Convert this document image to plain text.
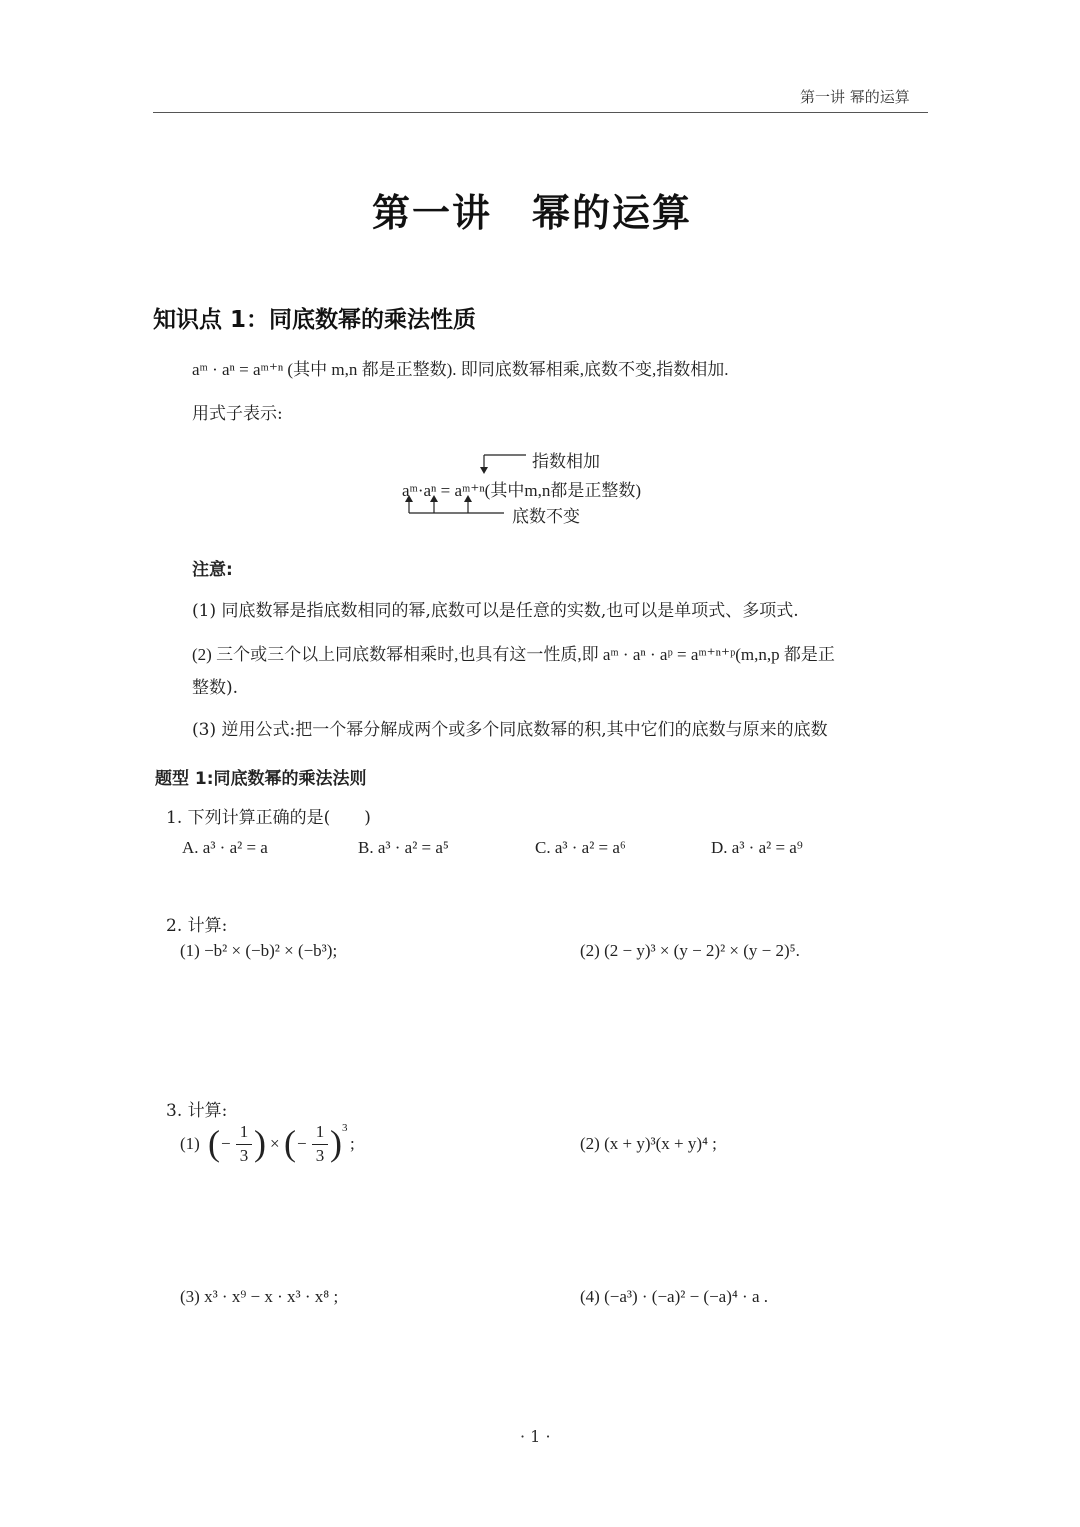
第一讲 幂的运算
第一讲　幂的运算
知识点 1：同底数幂的乘法性质
aᵐ · aⁿ = aᵐ⁺ⁿ (其中 m,n 都是正整数). 即同底数幂相乘,底数不变,指数相加.
用式子表示:
指数相加
aᵐ·aⁿ = aᵐ⁺ⁿ(其中m,n都是正整数)
底数不变
注意:
(1) 同底数幂是指底数相同的幂,底数可以是任意的实数,也可以是单项式、多项式.
(2) 三个或三个以上同底数幂相乘时,也具有这一性质,即 aᵐ · aⁿ · aᵖ = aᵐ⁺ⁿ⁺ᵖ(m,n,p 都是正
整数).
(3) 逆用公式:把一个幂分解成两个或多个同底数幂的积,其中它们的底数与原来的底数
题型 1:同底数幂的乘法法则
1. 下列计算正确的是(　　)
A. a³ · a² = a	B. a³ · a² = a⁵	C. a³ · a² = a⁶	D. a³ · a² = a⁹
2. 计算:
(1) −b² × (−b)² × (−b³);	(2) (2 − y)³ × (y − 2)² × (y − 2)⁵.
3. 计算:
(1) ( −
1
3 ) × ( −
1
3 ) 3
;	(2) (x + y)³(x + y)⁴ ;
(3) x³ · x⁹ − x · x³ · x⁸ ;	(4) (−a³) · (−a)² − (−a)⁴ · a .
· 1 ·
